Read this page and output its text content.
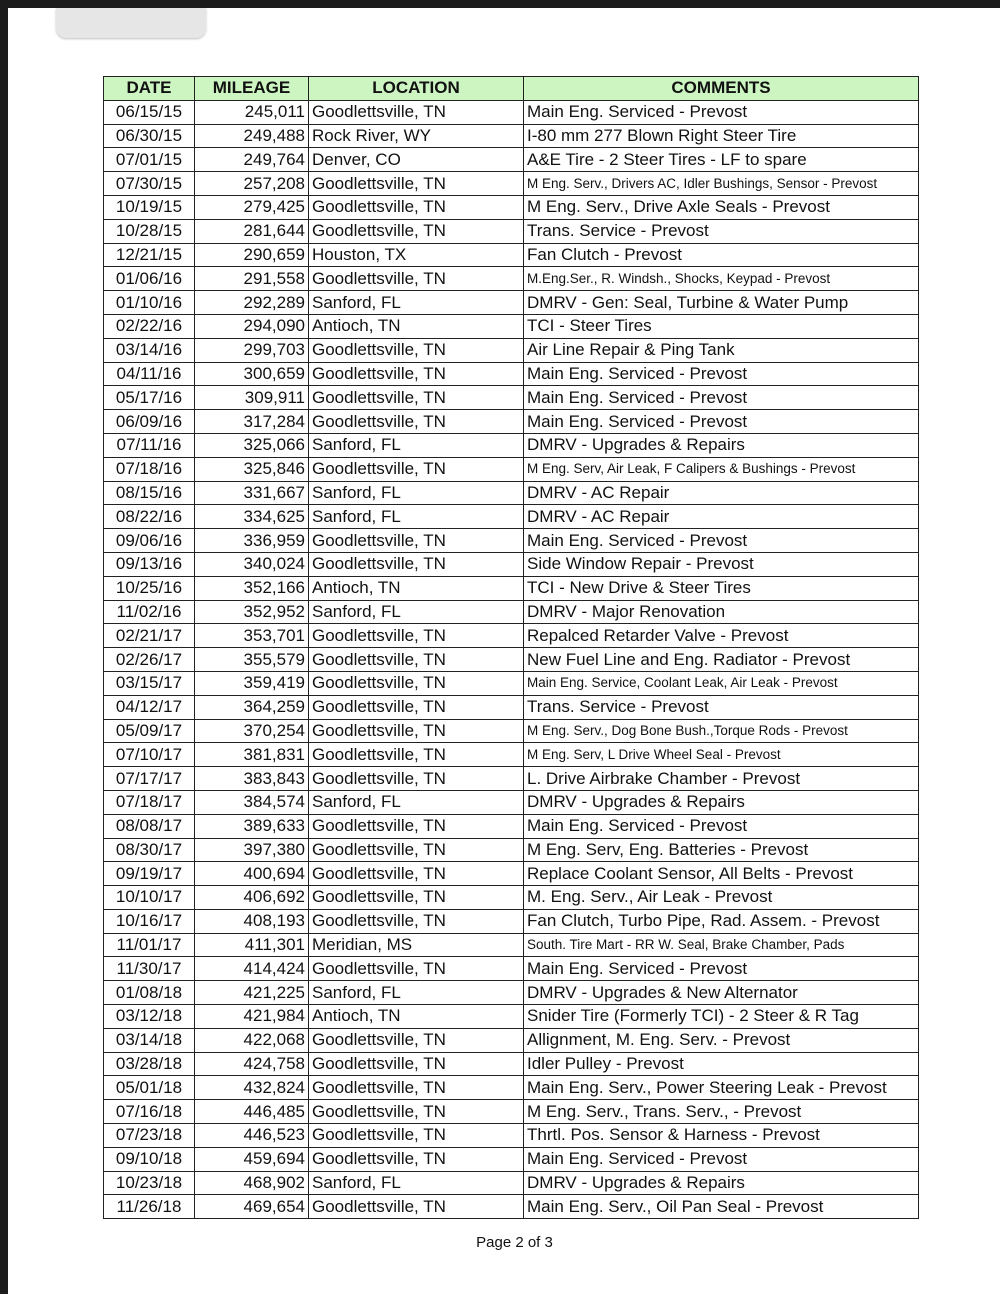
DATE	MILEAGE	LOCATION	COMMENTS
06/15/15	245,011	Goodlettsville, TN	Main Eng. Serviced - Prevost
06/30/15	249,488	Rock River, WY	I-80 mm 277 Blown Right Steer Tire
07/01/15	249,764	Denver, CO	A&E Tire - 2 Steer Tires - LF to spare
07/30/15	257,208	Goodlettsville, TN	M Eng. Serv., Drivers AC, Idler Bushings, Sensor - Prevost
10/19/15	279,425	Goodlettsville, TN	M Eng. Serv., Drive Axle Seals - Prevost
10/28/15	281,644	Goodlettsville, TN	Trans. Service - Prevost
12/21/15	290,659	Houston, TX	Fan Clutch - Prevost
01/06/16	291,558	Goodlettsville, TN	M.Eng.Ser., R. Windsh., Shocks, Keypad - Prevost
01/10/16	292,289	Sanford, FL	DMRV - Gen: Seal, Turbine & Water Pump
02/22/16	294,090	Antioch, TN	TCI - Steer Tires
03/14/16	299,703	Goodlettsville, TN	Air Line Repair & Ping Tank
04/11/16	300,659	Goodlettsville, TN	Main Eng. Serviced - Prevost
05/17/16	309,911	Goodlettsville, TN	Main Eng. Serviced - Prevost
06/09/16	317,284	Goodlettsville, TN	Main Eng. Serviced - Prevost
07/11/16	325,066	Sanford, FL	DMRV - Upgrades & Repairs
07/18/16	325,846	Goodlettsville, TN	M Eng. Serv, Air Leak, F Calipers & Bushings - Prevost
08/15/16	331,667	Sanford, FL	DMRV - AC Repair
08/22/16	334,625	Sanford, FL	DMRV - AC Repair
09/06/16	336,959	Goodlettsville, TN	Main Eng. Serviced - Prevost
09/13/16	340,024	Goodlettsville, TN	Side Window Repair - Prevost
10/25/16	352,166	Antioch, TN	TCI - New Drive & Steer Tires
11/02/16	352,952	Sanford, FL	DMRV - Major Renovation
02/21/17	353,701	Goodlettsville, TN	Repalced Retarder Valve - Prevost
02/26/17	355,579	Goodlettsville, TN	New Fuel Line and Eng. Radiator - Prevost
03/15/17	359,419	Goodlettsville, TN	Main Eng. Service, Coolant Leak, Air Leak - Prevost
04/12/17	364,259	Goodlettsville, TN	Trans. Service - Prevost
05/09/17	370,254	Goodlettsville, TN	M Eng. Serv., Dog Bone Bush.,Torque Rods - Prevost
07/10/17	381,831	Goodlettsville, TN	M Eng. Serv, L Drive Wheel Seal - Prevost
07/17/17	383,843	Goodlettsville, TN	L. Drive Airbrake Chamber - Prevost
07/18/17	384,574	Sanford, FL	DMRV - Upgrades & Repairs
08/08/17	389,633	Goodlettsville, TN	Main Eng. Serviced - Prevost
08/30/17	397,380	Goodlettsville, TN	M Eng. Serv, Eng. Batteries - Prevost
09/19/17	400,694	Goodlettsville, TN	Replace Coolant Sensor, All Belts - Prevost
10/10/17	406,692	Goodlettsville, TN	M. Eng. Serv., Air Leak - Prevost
10/16/17	408,193	Goodlettsville, TN	Fan Clutch, Turbo Pipe, Rad. Assem. - Prevost
11/01/17	411,301	Meridian, MS	South. Tire Mart - RR W. Seal, Brake Chamber, Pads
11/30/17	414,424	Goodlettsville, TN	Main Eng. Serviced - Prevost
01/08/18	421,225	Sanford, FL	DMRV - Upgrades & New Alternator
03/12/18	421,984	Antioch, TN	Snider Tire (Formerly TCI) - 2 Steer & R Tag
03/14/18	422,068	Goodlettsville, TN	Allignment, M. Eng. Serv. - Prevost
03/28/18	424,758	Goodlettsville, TN	Idler Pulley - Prevost
05/01/18	432,824	Goodlettsville, TN	Main Eng. Serv., Power Steering Leak - Prevost
07/16/18	446,485	Goodlettsville, TN	M Eng. Serv., Trans. Serv., - Prevost
07/23/18	446,523	Goodlettsville, TN	Thrtl. Pos. Sensor & Harness - Prevost
09/10/18	459,694	Goodlettsville, TN	Main Eng. Serviced - Prevost
10/23/18	468,902	Sanford, FL	DMRV - Upgrades & Repairs
11/26/18	469,654	Goodlettsville, TN	Main Eng. Serv., Oil Pan Seal - Prevost
Page 2 of 3
